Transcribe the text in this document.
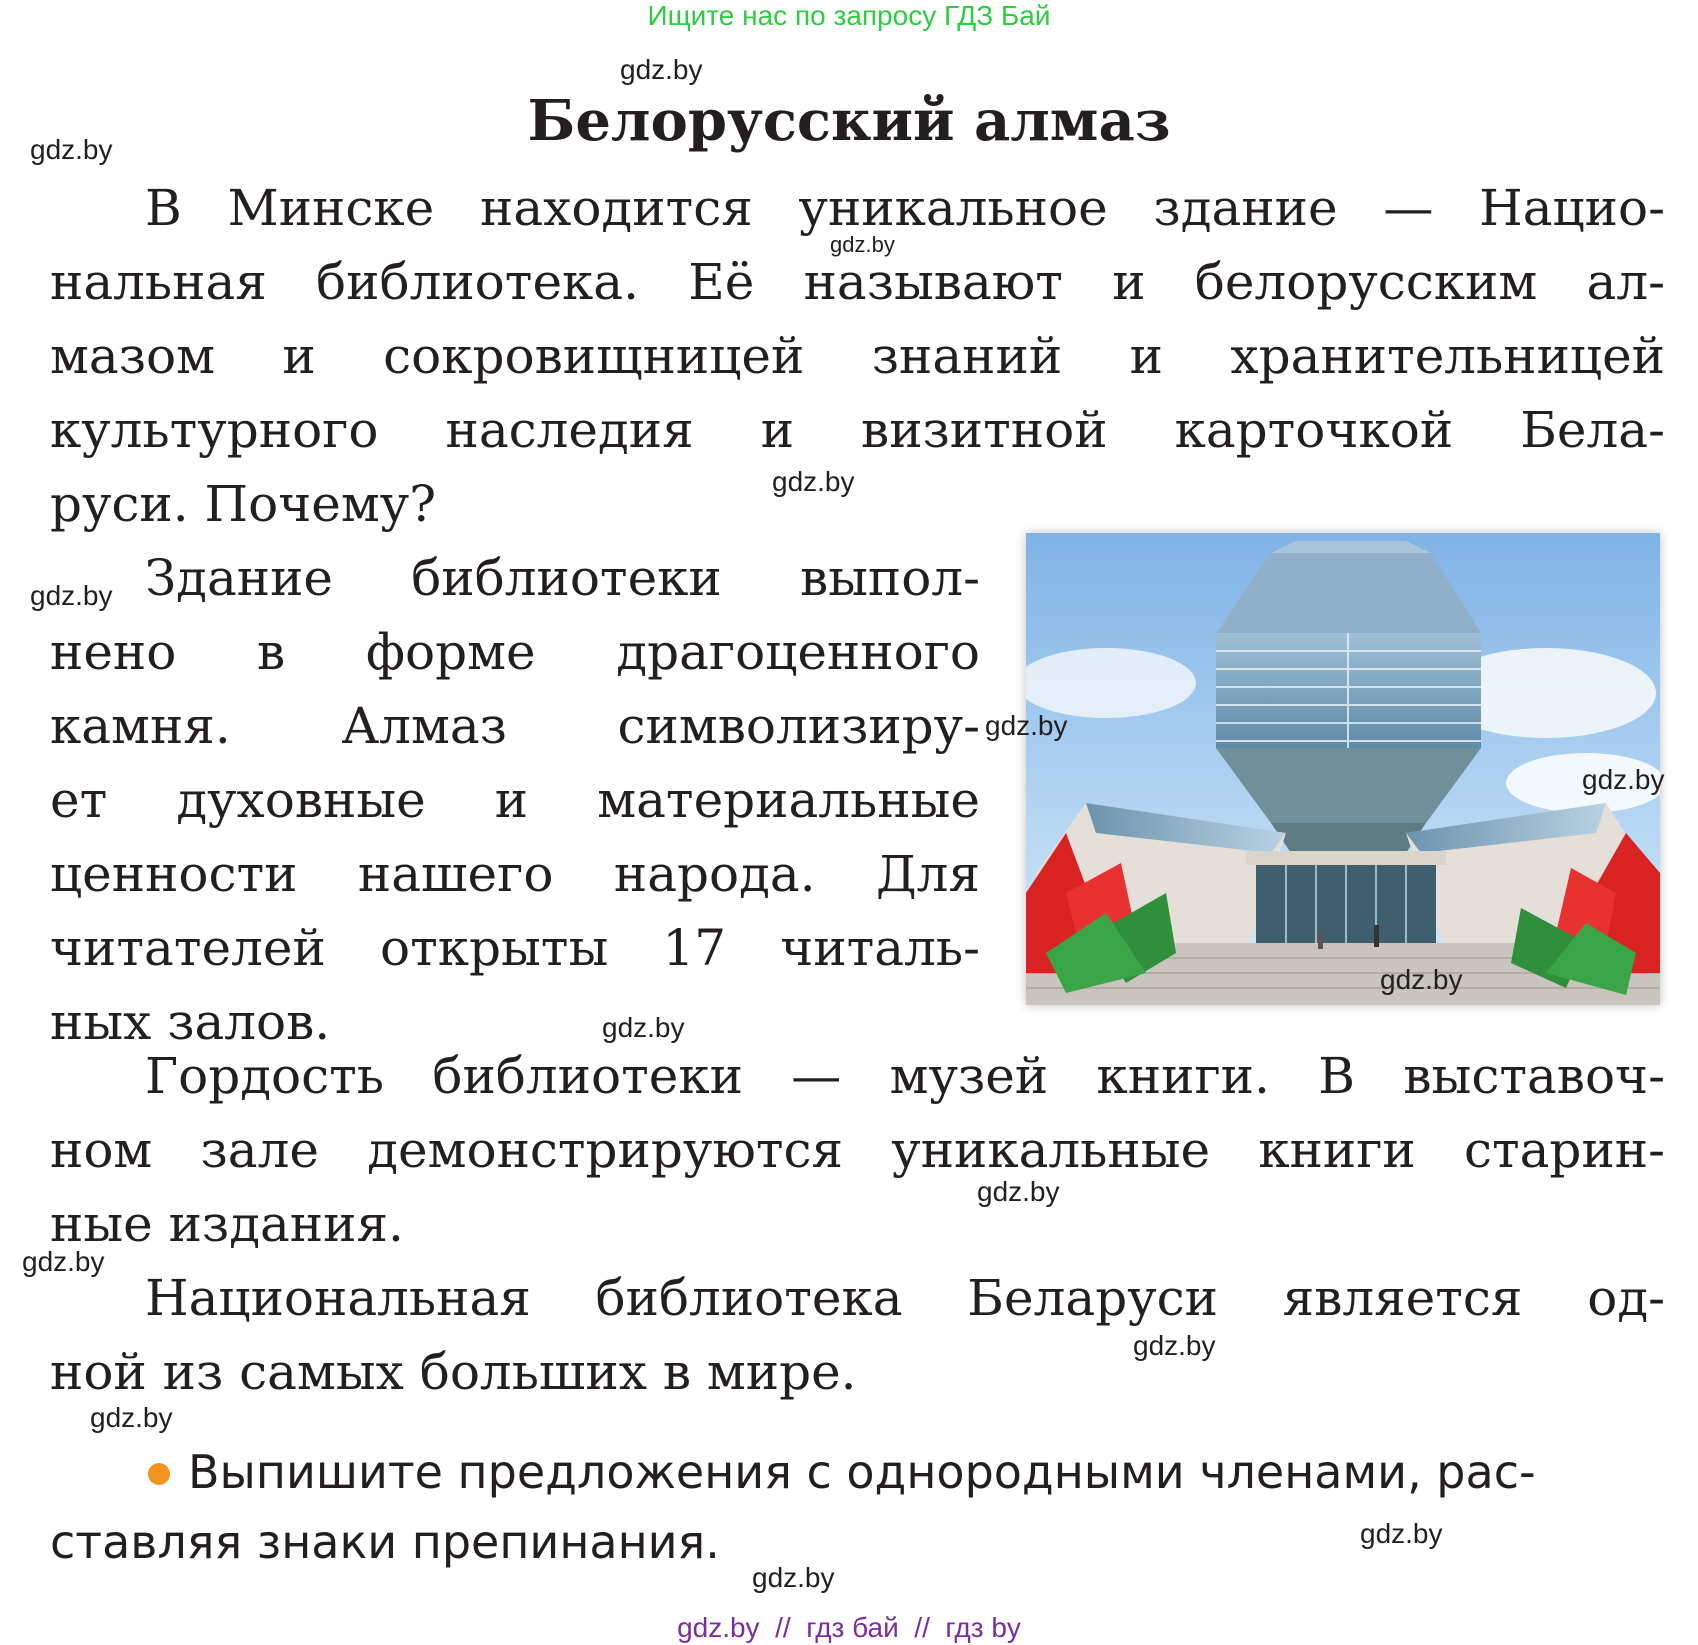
Ищите нас по запросу ГДЗ Бай
gdz.by
Белорусский алмаз
gdz.by
В Минске находится уникальное здание — Нацио-
gdz.by
нальная библиотека. Её называют и белорусским ал-
мазом и сокровищницей знаний и хранительницей
культурного наследия и визитной карточкой Бела-
gdz.by
руси. Почему?
gdz.by Здание библиотеки выпол-
нено в форме драгоценного
камня. Алмаз символизиру-
ет духовные и материальные
ценности нашего народа. Для
читателей открыты 17 читаль-
ных залов.
gdz.by
gdz.by
gdz.by
gdz.by
Гордость библиотеки — музей книги. В выставоч-
ном зале демонстрируются уникальные книги старин-
gdz.by
ные издания.
gdz.by
Национальная библиотека Беларуси является од-
gdz.by
ной из самых больших в мире.
gdz.by
Выпишите предложения с однородными членами, рас-
ставляя знаки препинания.	gdz.by
gdz.by
gdz.by  //  гдз бай  //  гдз by
